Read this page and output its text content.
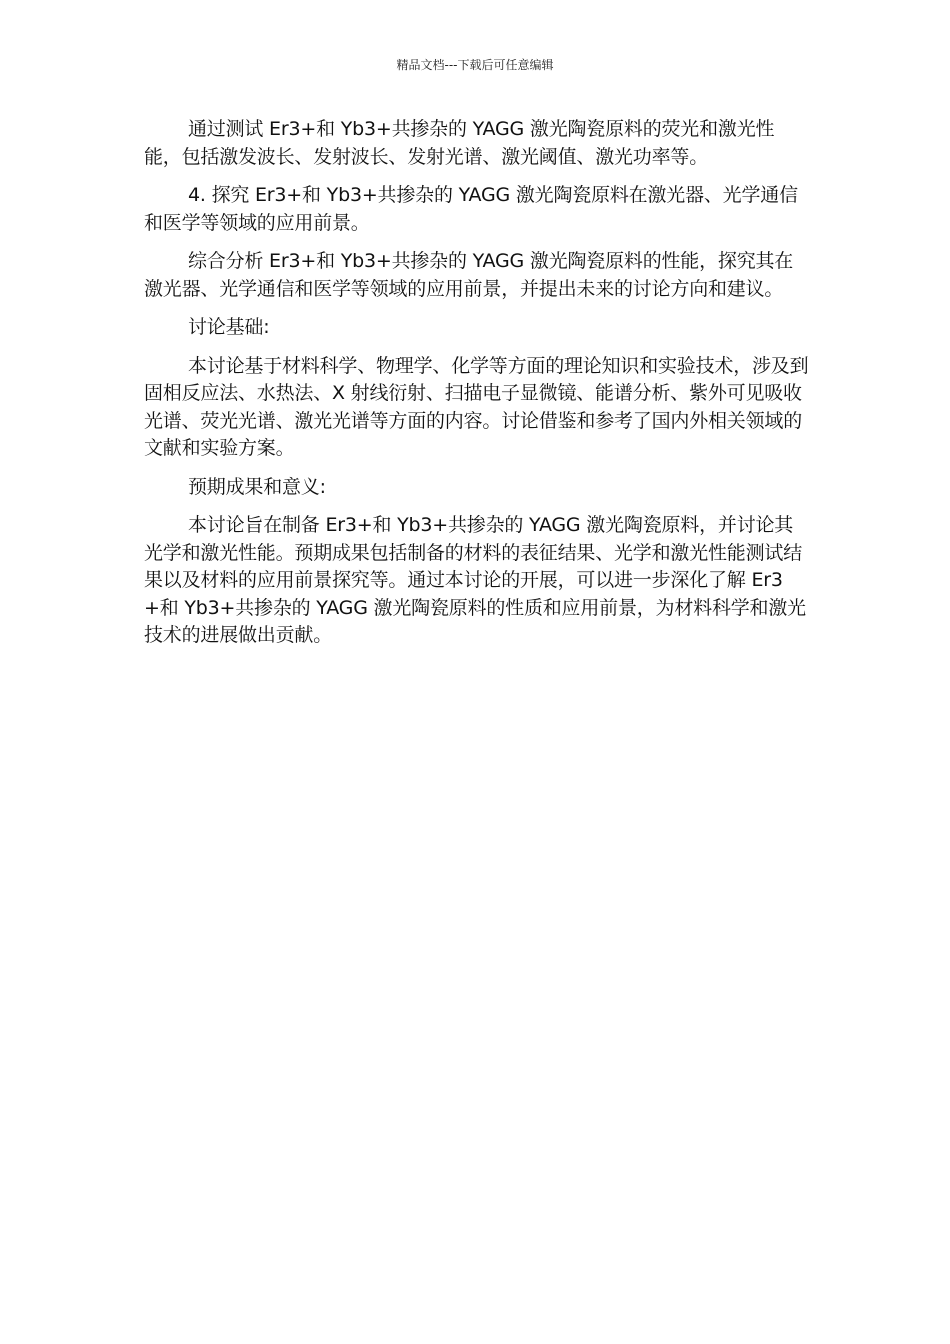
精品文档---下载后可任意编辑

通过测试 Er3+和 Yb3+共掺杂的 YAGG 激光陶瓷原料的荧光和激光性能，包括激发波长、发射波长、发射光谱、激光阈值、激光功率等。

4. 探究 Er3+和 Yb3+共掺杂的 YAGG 激光陶瓷原料在激光器、光学通信和医学等领域的应用前景。

综合分析 Er3+和 Yb3+共掺杂的 YAGG 激光陶瓷原料的性能，探究其在激光器、光学通信和医学等领域的应用前景，并提出未来的讨论方向和建议。

讨论基础:

本讨论基于材料科学、物理学、化学等方面的理论知识和实验技术，涉及到固相反应法、水热法、X 射线衍射、扫描电子显微镜、能谱分析、紫外可见吸收光谱、荧光光谱、激光光谱等方面的内容。讨论借鉴和参考了国内外相关领域的文献和实验方案。

预期成果和意义:

本讨论旨在制备 Er3+和 Yb3+共掺杂的 YAGG 激光陶瓷原料，并讨论其光学和激光性能。预期成果包括制备的材料的表征结果、光学和激光性能测试结果以及材料的应用前景探究等。通过本讨论的开展，可以进一步深化了解 Er3+和 Yb3+共掺杂的 YAGG 激光陶瓷原料的性质和应用前景，为材料科学和激光技术的进展做出贡献。
